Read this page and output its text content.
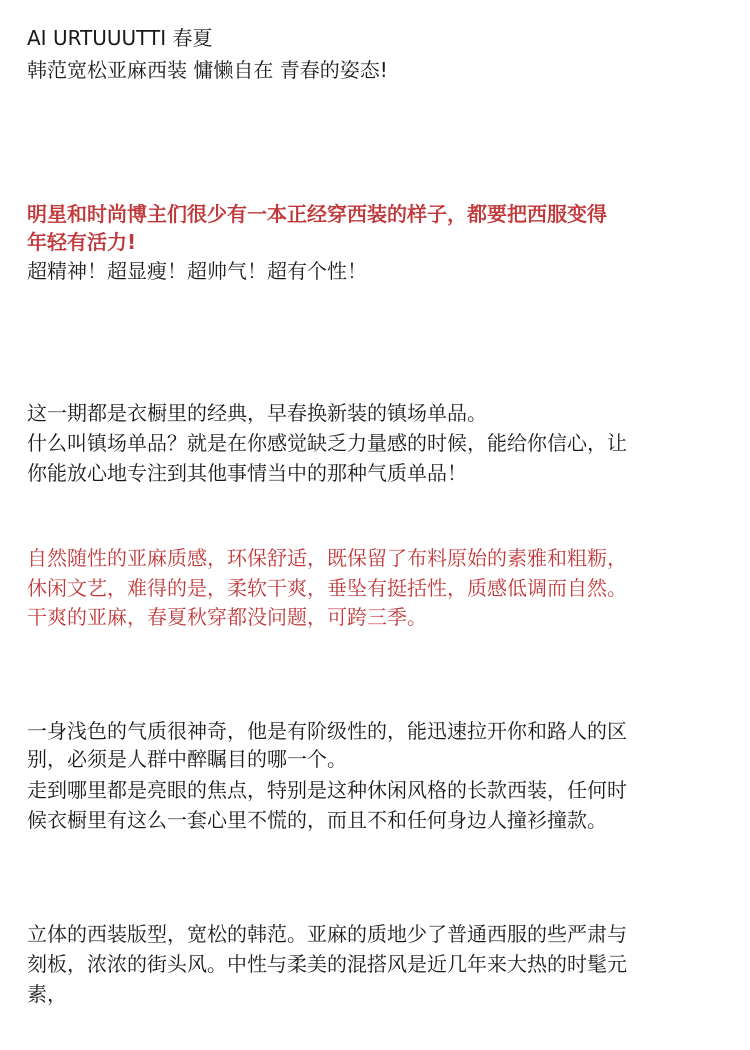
AI URTUUUTTI 春夏
韩范宽松亚麻西装 慵懒自在 青春的姿态!
明星和时尚博主们很少有一本正经穿西装的样子，都要把西服变得
年轻有活力!
超精神！超显瘦！超帅气！超有个性！
这一期都是衣橱里的经典，早春换新装的镇场单品。
什么叫镇场单品？就是在你感觉缺乏力量感的时候，能给你信心，让
你能放心地专注到其他事情当中的那种气质单品！
自然随性的亚麻质感，环保舒适，既保留了布料原始的素雅和粗粝，
休闲文艺，难得的是，柔软干爽，垂坠有挺括性，质感低调而自然。
干爽的亚麻，春夏秋穿都没问题，可跨三季。
一身浅色的气质很神奇，他是有阶级性的，能迅速拉开你和路人的区
别，必须是人群中醉瞩目的哪一个。
走到哪里都是亮眼的焦点，特别是这种休闲风格的长款西装，任何时
候衣橱里有这么一套心里不慌的，而且不和任何身边人撞衫撞款。
立体的西装版型，宽松的韩范。亚麻的质地少了普通西服的些严肃与
刻板，浓浓的街头风。中性与柔美的混搭风是近几年来大热的时髦元
素，
